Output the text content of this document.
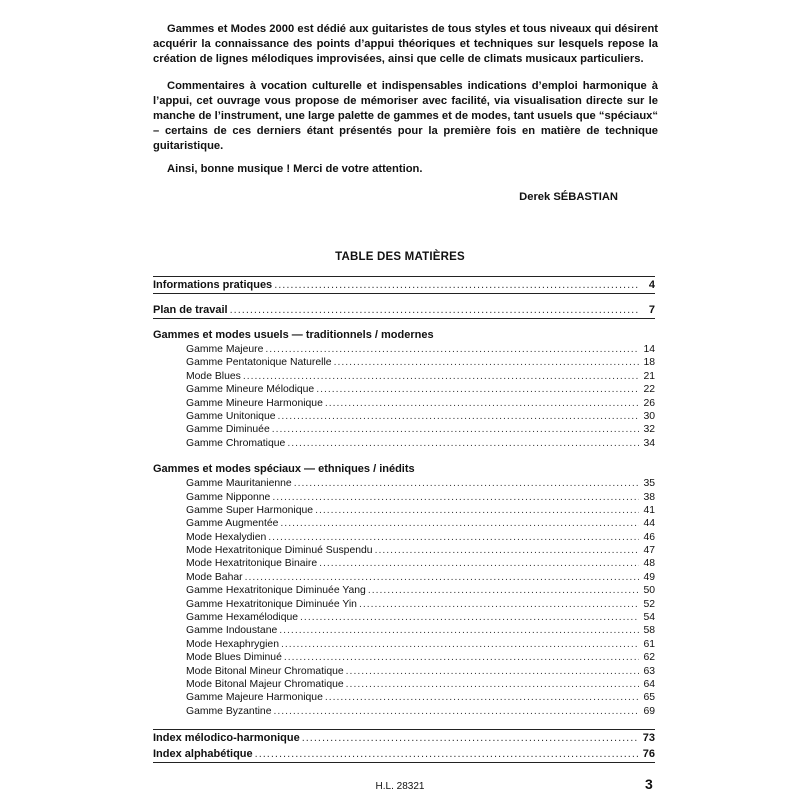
Gammes et Modes 2000 est dédié aux guitaristes de tous styles et tous niveaux qui désirent acquérir la connaissance des points d’appui théoriques et techniques sur lesquels repose la création de lignes mélodiques improvisées, ainsi que celle de climats musicaux particuliers.

Commentaires à vocation culturelle et indispensables indications d’emploi harmonique à l’appui, cet ouvrage vous propose de mémoriser avec facilité, via visualisation directe sur le manche de l’instrument, une large palette de gammes et de modes, tant usuels que “spéciaux“ – certains de ces derniers étant présentés pour la première fois en matière de technique guitaristique.

Ainsi, bonne musique ! Merci de votre attention.

Derek SÉBASTIAN
TABLE DES MATIÈRES
Informations pratiques .....	4
Plan de travail .....	7
Gammes et modes usuels — traditionnels / modernes
Gamme Majeure .....	14
Gamme Pentatonique Naturelle .....	18
Mode Blues .....	21
Gamme Mineure Mélodique .....	22
Gamme Mineure Harmonique .....	26
Gamme Unitonique .....	30
Gamme Diminuée .....	32
Gamme Chromatique .....	34
Gammes et modes spéciaux — ethniques / inédits
Gamme Mauritanienne .....	35
Gamme Nipponne .....	38
Gamme Super Harmonique .....	41
Gamme Augmentée .....	44
Mode Hexalydien .....	46
Mode Hexatritonique Diminué Suspendu .....	47
Mode Hexatritonique Binaire .....	48
Mode Bahar .....	49
Gamme Hexatritonique Diminuée Yang .....	50
Gamme Hexatritonique Diminuée Yin .....	52
Gamme Hexamélodique .....	54
Gamme Indoustane .....	58
Mode Hexaphrygien .....	61
Mode Blues Diminué .....	62
Mode Bitonal Mineur Chromatique .....	63
Mode Bitonal Majeur Chromatique .....	64
Gamme Majeure Harmonique .....	65
Gamme Byzantine .....	69
Index mélodico-harmonique .....	73
Index alphabétique .....	76
H.L. 28321	3
